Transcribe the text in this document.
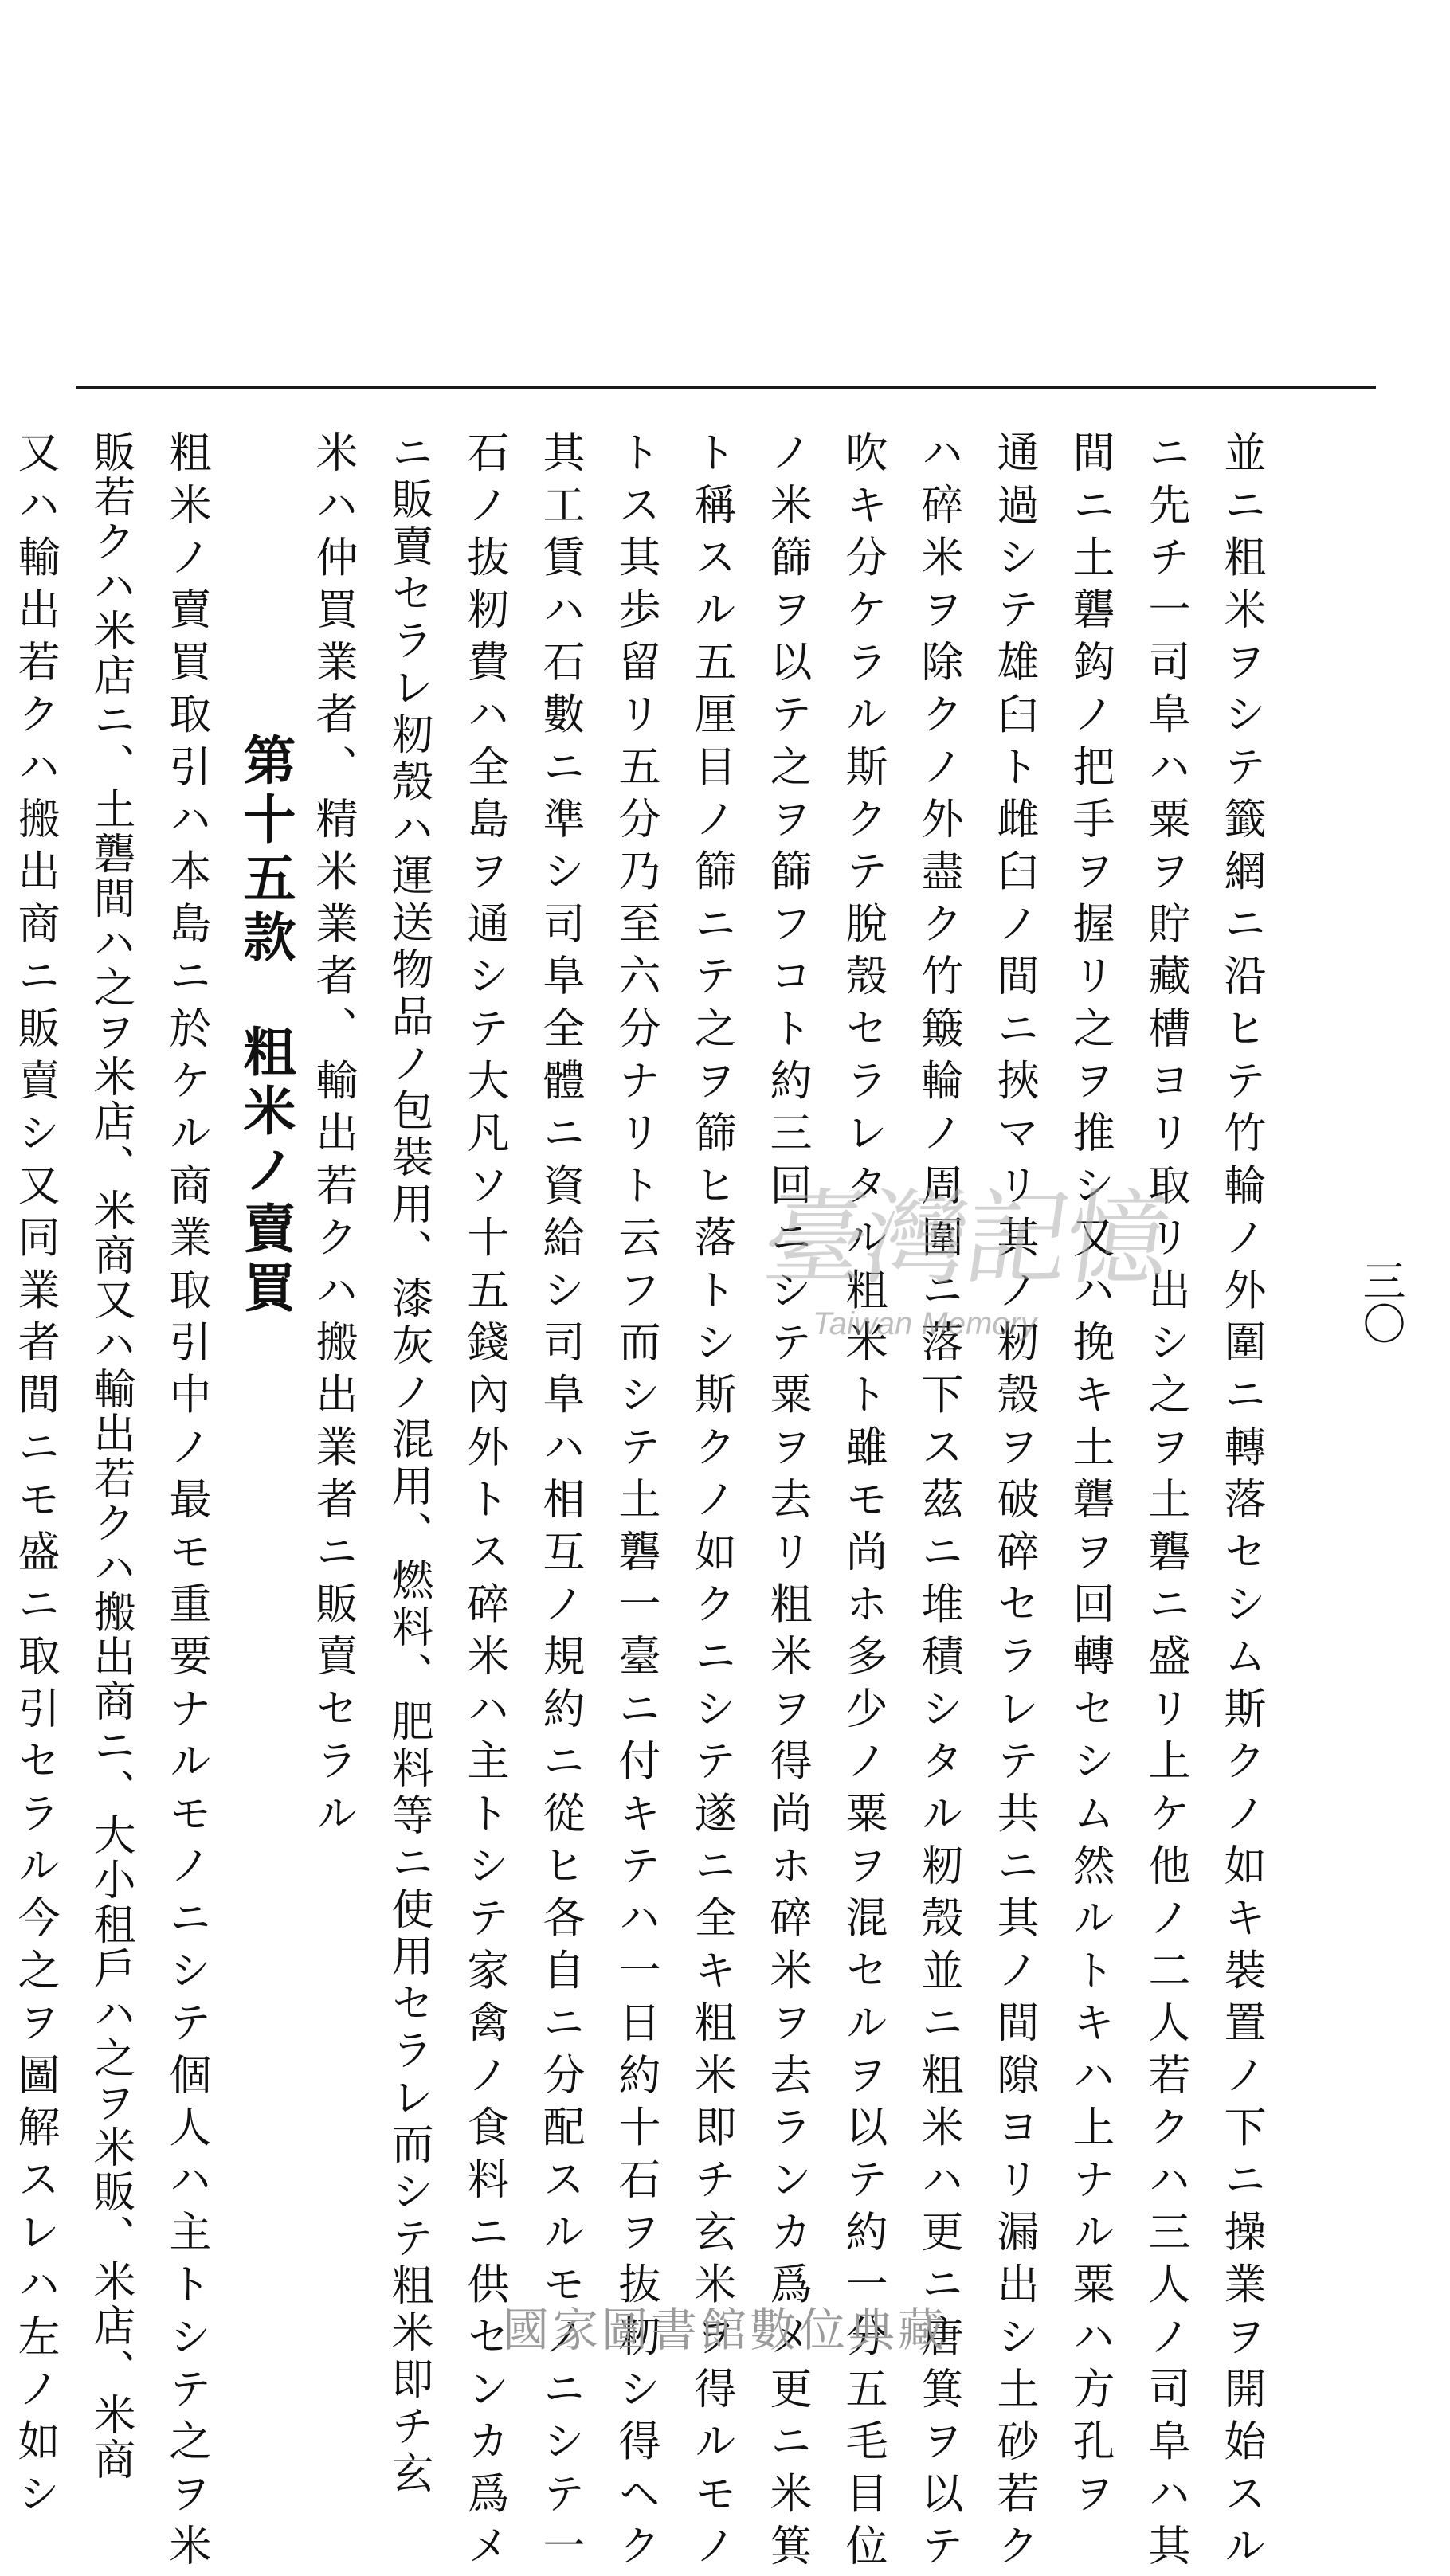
三〇
並ニ粗米ヲシテ籤網ニ沿ヒテ竹輪ノ外圍ニ轉落セシム斯クノ如キ裝置ノ下ニ操業ヲ開始スル
ニ先チ一司阜ハ粟ヲ貯藏槽ヨリ取リ出シ之ヲ土礱ニ盛リ上ケ他ノ二人若クハ三人ノ司阜ハ其
間ニ土礱鈎ノ把手ヲ握リ之ヲ推シ又ハ挽キ土礱ヲ回轉セシム然ルトキハ上ナル粟ハ方孔ヲ
通過シテ雄臼ト雌臼ノ間ニ挾マリ其ノ籾殼ヲ破碎セラレテ共ニ其ノ間隙ヨリ漏出シ土砂若ク
ハ碎米ヲ除クノ外盡ク竹簸輪ノ周圍ニ落下ス茲ニ堆積シタル籾殼並ニ粗米ハ更ニ唐箕ヲ以テ
吹キ分ケラル斯クテ脫殼セラレタル粗米ト雖モ尚ホ多少ノ粟ヲ混セルヲ以テ約一分五毛目位
ノ米篩ヲ以テ之ヲ篩フコト約三回ニシテ粟ヲ去リ粗米ヲ得尚ホ碎米ヲ去ランカ爲メ更ニ米箕
ト稱スル五厘目ノ篩ニテ之ヲ篩ヒ落トシ斯クノ如クニシテ遂ニ全キ粗米即チ玄米ヲ得ルモノ
トス其歩留リ五分乃至六分ナリト云フ而シテ土礱一臺ニ付キテハ一日約十石ヲ抜籾シ得ヘク
其工賃ハ石數ニ準シ司阜全體ニ資給シ司阜ハ相互ノ規約ニ從ヒ各自ニ分配スルモノニシテ一
石ノ抜籾費ハ全島ヲ通シテ大凡ソ十五錢內外トス碎米ハ主トシテ家禽ノ食料ニ供センカ爲メ
ニ販賣セラレ籾殼ハ運送物品ノ包裝用、漆灰ノ混用、燃料、肥料等ニ使用セラレ而シテ粗米即チ玄
米ハ仲買業者、精米業者、輸出若クハ搬出業者ニ販賣セラル
第十五款粗米ノ賣買
粗米ノ賣買取引ハ本島ニ於ケル商業取引中ノ最モ重要ナルモノニシテ個人ハ主トシテ之ヲ米
販若クハ米店ニ、土礱間ハ之ヲ米店、米商又ハ輸出若クハ搬出商ニ、大小租戶ハ之ヲ米販、米店、米商
又ハ輸出若クハ搬出商ニ販賣シ又同業者間ニモ盛ニ取引セラル今之ヲ圖解スレハ左ノ如シ	臺灣記憶
Taiwan Memory
國家圖書館數位典藏
